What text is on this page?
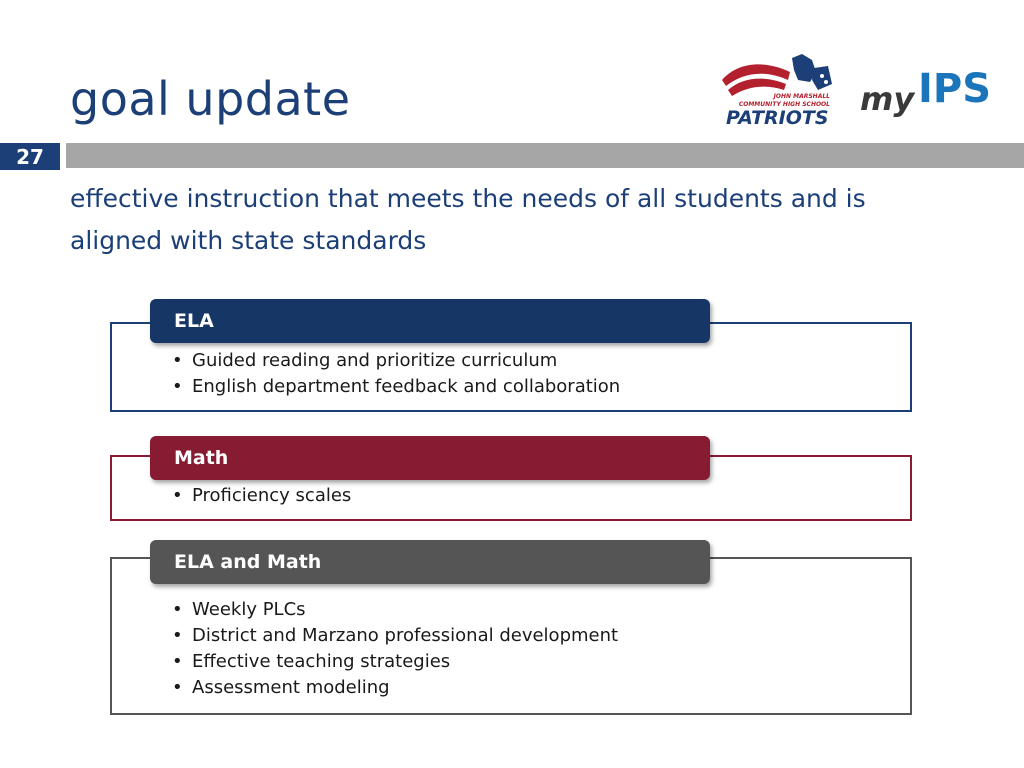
goal update	JOHN MARSHALL
COMMUNITY HIGH SCHOOL
PATRIOTS my IPS
27

effective instruction that meets the needs of all students and is aligned with state standards

• Guided reading and prioritize curriculum
• English department feedback and collaboration
ELA
• Proficiency scales
Math
• Weekly PLCs
• District and Marzano professional development
• Effective teaching strategies
• Assessment modeling
ELA and Math
